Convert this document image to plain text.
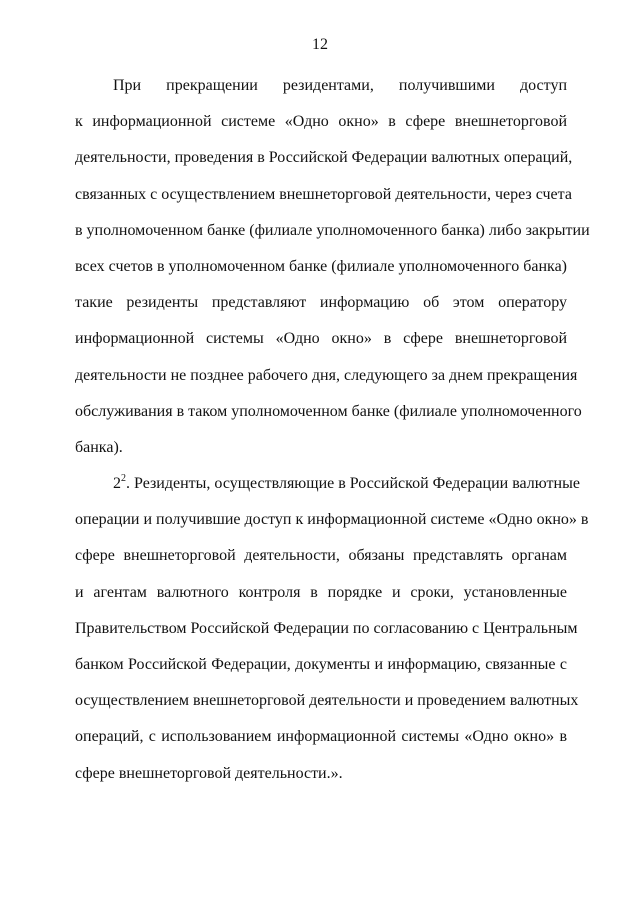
12
При прекращении резидентами, получившими доступ
к информационной системе «Одно окно» в сфере внешнеторговой
деятельности, проведения в Российской Федерации валютных операций,
связанных с осуществлением внешнеторговой деятельности, через счета
в уполномоченном банке (филиале уполномоченного банка) либо закрытии
всех счетов в уполномоченном банке (филиале уполномоченного банка)
такие резиденты представляют информацию об этом оператору
информационной системы «Одно окно» в сфере внешнеторговой
деятельности не позднее рабочего дня, следующего за днем прекращения
обслуживания в таком уполномоченном банке (филиале уполномоченного
банка).
$2^2$. Резиденты, осуществляющие в Российской Федерации валютные
операции и получившие доступ к информационной системе «Одно окно» в
сфере внешнеторговой деятельности, обязаны представлять органам
и агентам валютного контроля в порядке и сроки, установленные
Правительством Российской Федерации по согласованию с Центральным
банком Российской Федерации, документы и информацию, связанные с
осуществлением внешнеторговой деятельности и проведением валютных
операций, с использованием информационной системы «Одно окно» в
сфере внешнеторговой деятельности.».
